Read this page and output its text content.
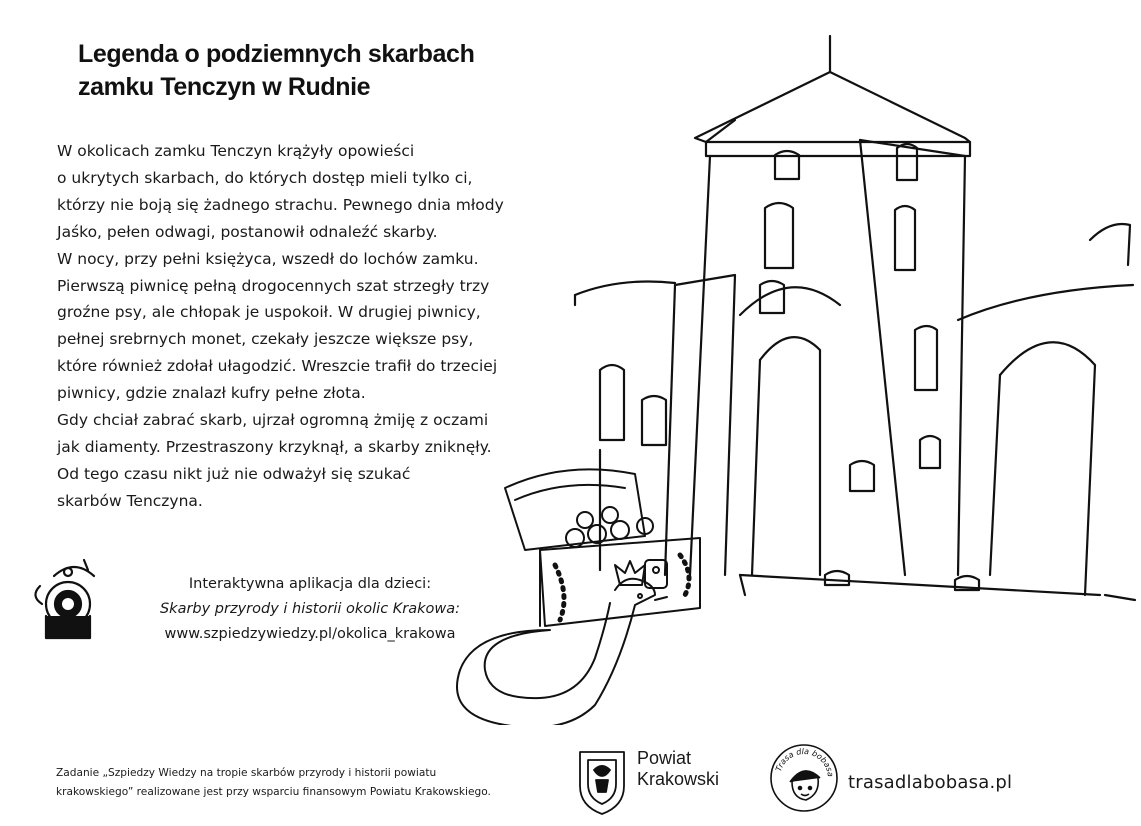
Legenda o podziemnych skarbach
zamku Tenczyn w Rudnie
W okolicach zamku Tenczyn krążyły opowieści
o ukrytych skarbach, do których dostęp mieli tylko ci,
którzy nie boją się żadnego strachu. Pewnego dnia młody
Jaśko, pełen odwagi, postanowił odnaleźć skarby.
W nocy, przy pełni księżyca, wszedł do lochów zamku.
Pierwszą piwnicę pełną drogocennych szat strzegły trzy
groźne psy, ale chłopak je uspokoił. W drugiej piwnicy,
pełnej srebrnych monet, czekały jeszcze większe psy,
które również zdołał ułagodzić. Wreszcie trafił do trzeciej
piwnicy, gdzie znalazł kufry pełne złota.
Gdy chciał zabrać skarb, ujrzał ogromną żmiję z oczami
jak diamenty. Przestraszony krzyknął, a skarby zniknęły.
Od tego czasu nikt już nie odważył się szukać
skarbów Tenczyna.
Interaktywna aplikacja dla dzieci:
Skarby przyrody i historii okolic Krakowa:
www.szpiedzywiedzy.pl/okolica_krakowa
Zadanie „Szpiedzy Wiedzy na tropie skarbów przyrody i historii powiatu
krakowskiego” realizowane jest przy wsparciu finansowym Powiatu Krakowskiego.
Powiat
Krakowski	Trasa dla bobasa trasadlabobasa.pl
